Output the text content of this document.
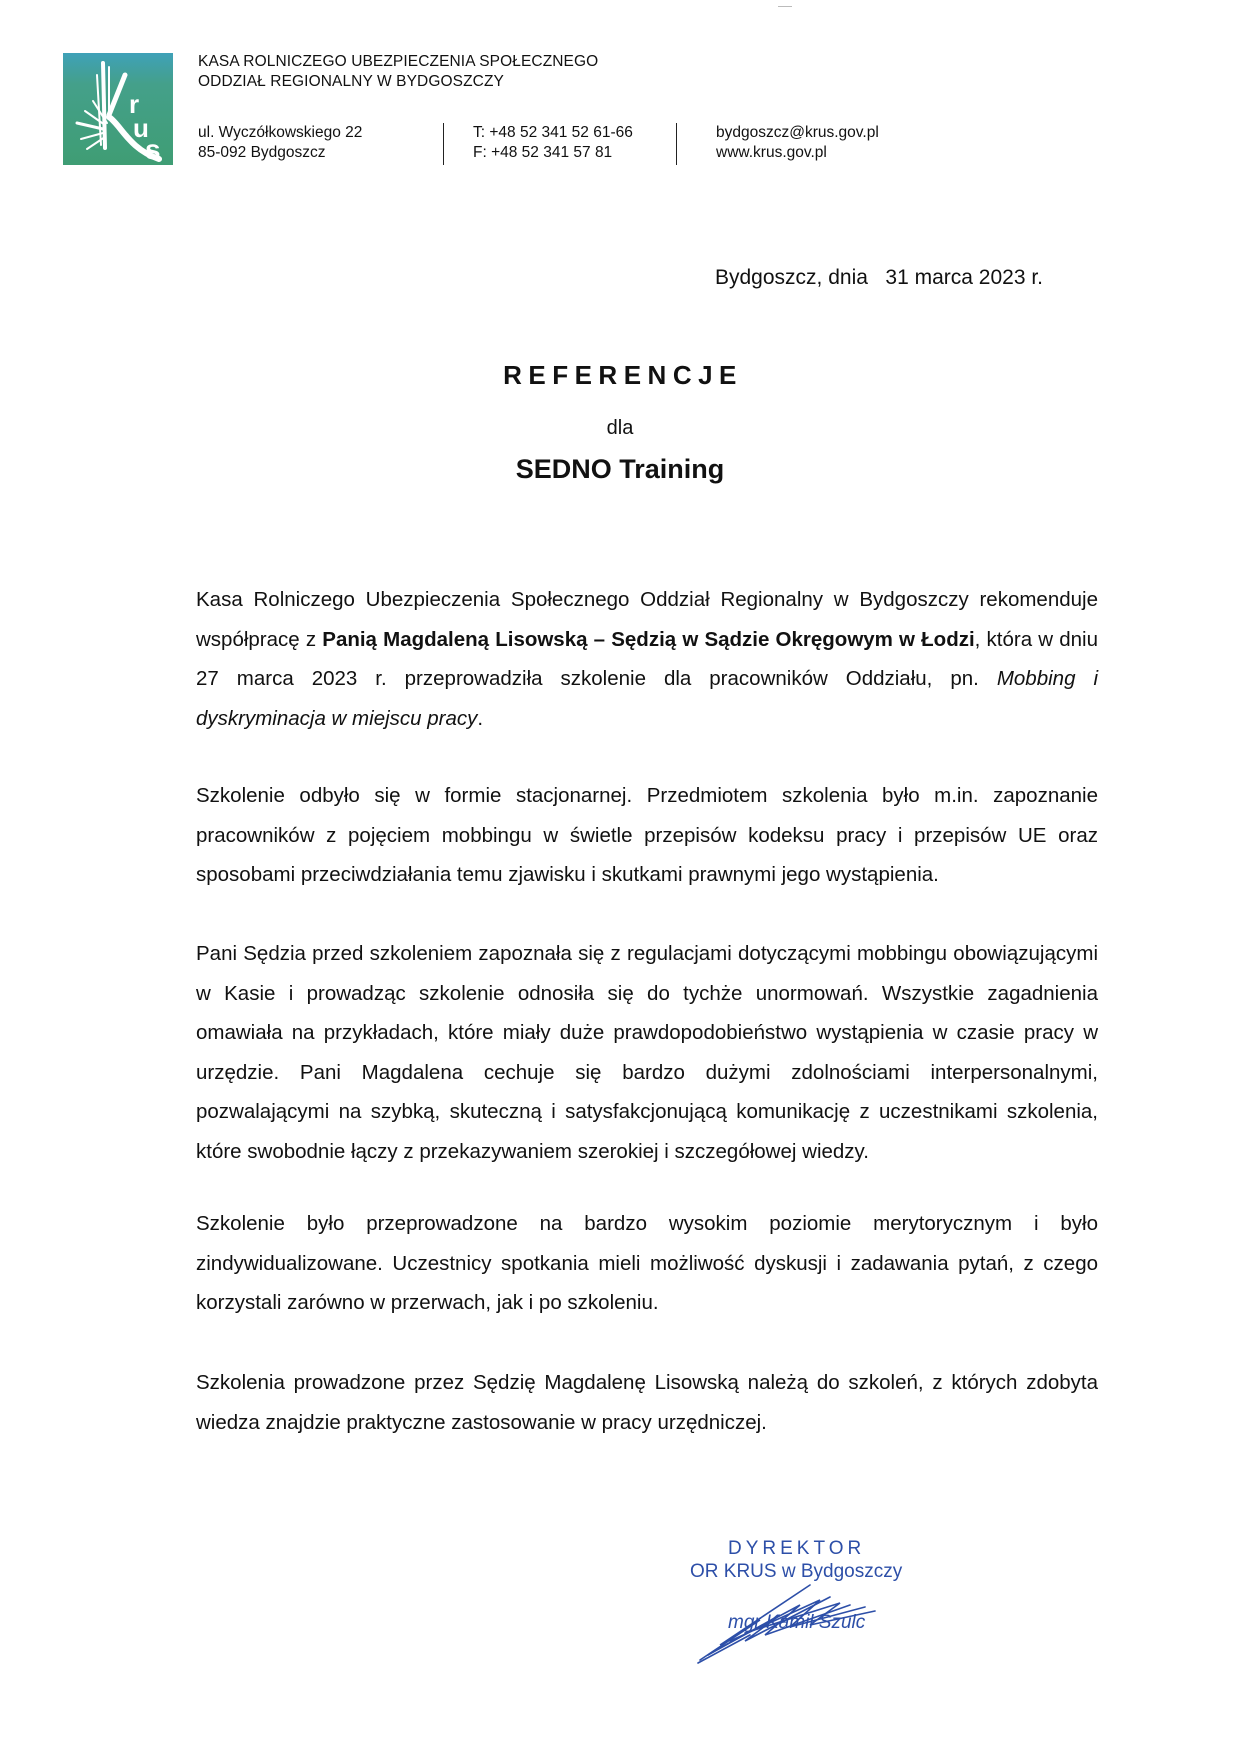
r
u
s
KASA ROLNICZEGO UBEZPIECZENIA SPOŁECZNEGO
ODDZIAŁ REGIONALNY W BYDGOSZCZY
ul. Wyczółkowskiego 22
85-092 Bydgoszcz
T: +48 52 341 52 61-66
F: +48 52 341 57 81
bydgoszcz@krus.gov.pl
www.krus.gov.pl
Bydgoszcz, dnia   31 marca 2023 r.
REFERENCJE
dla
SEDNO Training

Kasa Rolniczego Ubezpieczenia Społecznego Oddział Regionalny w Bydgoszczy rekomenduje współpracę z Panią Magdaleną Lisowską – Sędzią w Sądzie Okręgowym w Łodzi, która w dniu 27 marca 2023 r. przeprowadziła szkolenie dla pracowników Oddziału, pn. Mobbing i dyskryminacja w miejscu pracy.

Szkolenie odbyło się w formie stacjonarnej. Przedmiotem szkolenia było m.in. zapoznanie pracowników z pojęciem mobbingu w świetle przepisów kodeksu pracy i przepisów UE oraz sposobami przeciwdziałania temu zjawisku i skutkami prawnymi jego wystąpienia.

Pani Sędzia przed szkoleniem zapoznała się z regulacjami dotyczącymi mobbingu obowiązującymi w Kasie i prowadząc szkolenie odnosiła się do tychże unormowań. Wszystkie zagadnienia omawiała na przykładach, które miały duże prawdopodobieństwo wystąpienia w czasie pracy w urzędzie. Pani Magdalena cechuje się bardzo dużymi zdolnościami interpersonalnymi, pozwalającymi na szybką, skuteczną i satysfakcjonującą komunikację z uczestnikami szkolenia, które swobodnie łączy z przekazywaniem szerokiej i szczegółowej wiedzy.

Szkolenie było przeprowadzone na bardzo wysokim poziomie merytorycznym i było zindywidualizowane. Uczestnicy spotkania mieli możliwość dyskusji i zadawania pytań, z czego korzystali zarówno w przerwach, jak i po szkoleniu.

Szkolenia prowadzone przez Sędzię Magdalenę Lisowską należą do szkoleń, z których zdobyta wiedza znajdzie praktyczne zastosowanie w pracy urzędniczej.

DYREKTOR
OR KRUS w Bydgoszczy
mgr Kamil Szulc
